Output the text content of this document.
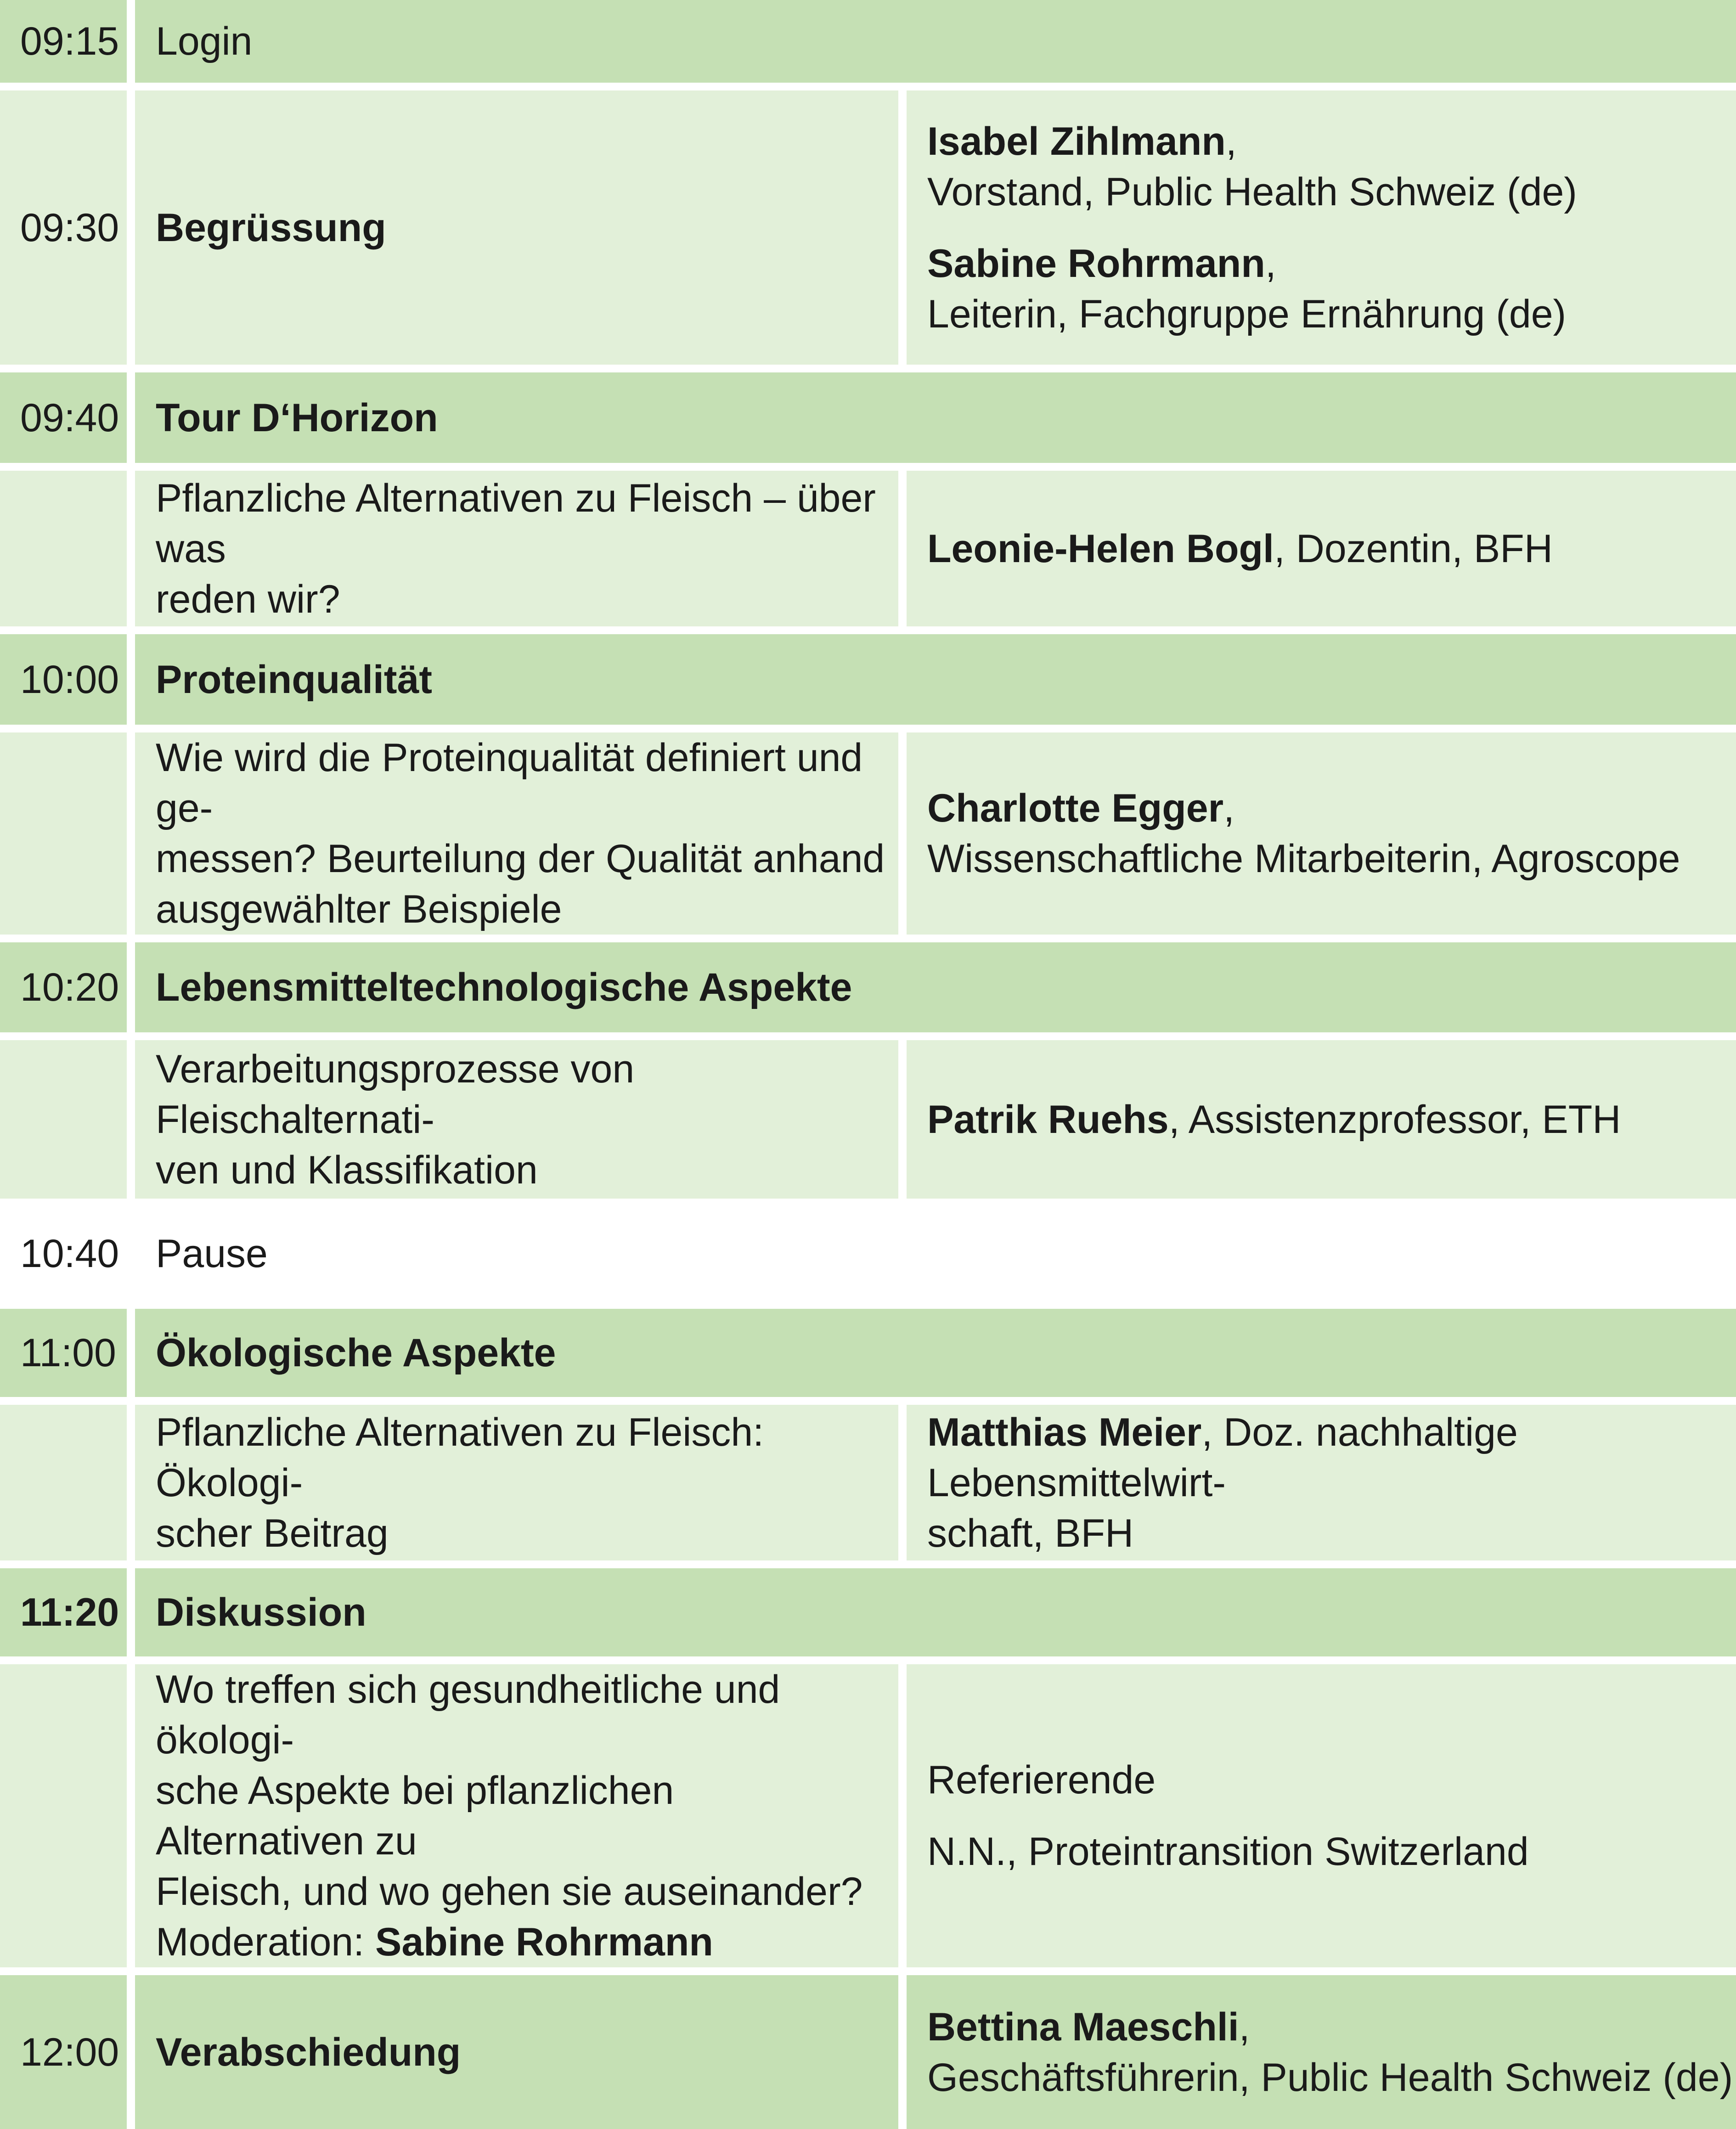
09:15 Login
09:30 Begrüssung

Isabel Zihlmann,

Vorstand, Public Health Schweiz (de)

Sabine Rohrmann,

Leiterin, Fachgruppe Ernährung (de)

09:40 Tour D‘Horizon

Pflanzliche Alternativen zu Fleisch – über was

reden wir?

Leonie-Helen Bogl, Dozentin, BFH

10:00 Proteinqualität

Wie wird die Proteinqualität definiert und ge-

messen? Beurteilung der Qualität anhand

ausgewählter Beispiele

Charlotte Egger,

Wissenschaftliche Mitarbeiterin, Agroscope

10:20 Lebensmitteltechnologische Aspekte

Verarbeitungsprozesse von Fleischalternati-

ven und Klassifikation

Patrik Ruehs, Assistenzprofessor, ETH

10:40 Pause
11:00 Ökologische Aspekte

Pflanzliche Alternativen zu Fleisch: Ökologi-

scher Beitrag

Matthias Meier, Doz. nachhaltige Lebensmittelwirt-

schaft, BFH

11:20 Diskussion

Wo treffen sich gesundheitliche und ökologi-

sche Aspekte bei pflanzlichen Alternativen zu

Fleisch, und wo gehen sie auseinander?

Moderation: Sabine Rohrmann

Referierende

N.N., Proteintransition Switzerland

12:00 Verabschiedung

Bettina Maeschli,

Geschäftsführerin, Public Health Schweiz (de)
